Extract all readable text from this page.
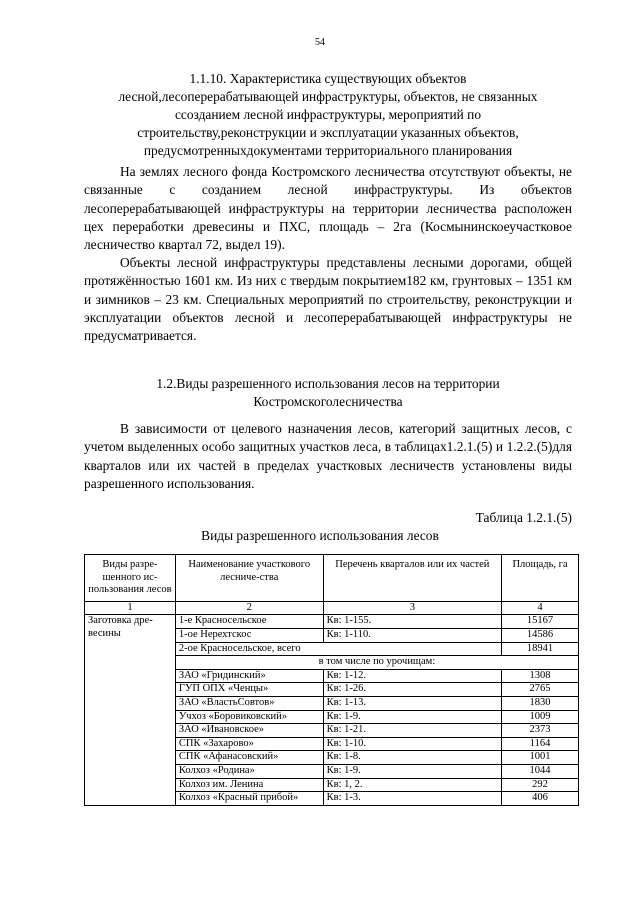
54
1.1.10. Характеристика существующих объектов
лесной,лесоперерабатывающей инфраструктуры, объектов, не связанных
ссозданием лесной инфраструктуры, мероприятий по
строительству,реконструкции и эксплуатации указанных объектов,
предусмотренныхдокументами территориального планирования
На землях лесного фонда Костромского лесничества отсутствуют объекты, не связанные с созданием лесной инфраструктуры. Из объектов лесоперерабатывающей инфраструктуры на территории лесничества расположен цех переработки древесины и ПХС, площадь – 2га (Космынинскоеучастковое лесничество квартал 72, выдел 19).
Объекты лесной инфраструктуры представлены лесными дорогами, общей протяжённостью 1601 км. Из них с твердым покрытием182 км, грунтовых – 1351 км и зимников – 23 км. Специальных мероприятий по строительству, реконструкции и эксплуатации объектов лесной и лесоперерабатывающей инфраструктуры не предусматривается.
1.2.Виды разрешенного использования лесов на территории
Костромскоголесничества
В зависимости от целевого назначения лесов, категорий защитных лесов, с учетом выделенных особо защитных участков леса, в таблицах1.2.1.(5) и 1.2.2.(5)для кварталов или их частей в пределах участковых лесничеств установлены виды разрешенного использования.
Таблица 1.2.1.(5)
Виды разрешенного использования лесов
Виды разре-шенного ис-пользования лесов	Наименование участкового лесниче-ства	Перечень кварталов или их частей	Площадь, га
1	2	3	4
Заготовка дре-весины	1-е Красносельское	Кв: 1-155.	15167
	1-ое Нерехтскос	Кв: 1-110.	14586
	2-ое Красносельское, всего		18941
	в том числе по урочищам:		
	ЗАО «Гридинский»	Кв: 1-12.	1308
	ГУП ОПХ «Ченцы»	Кв: 1-26.	2765
	ЗАО «ВластьСовтов»	Кв: 1-13.	1830
	Учхоз «Боровиковский»	Кв: 1-9.	1009
	ЗАО «Ивановское»	Кв: 1-21.	2373
	СПК «Захарово»	Кв: 1-10.	1164
	СПК «Афанасовский»	Кв: 1-8.	1001
	Колхоз «Родина»	Кв: 1-9.	1044
	Колхоз им. Ленина	Кв: 1, 2.	292
	Колхоз «Красный прибой»	Кв: 1-3.	406
